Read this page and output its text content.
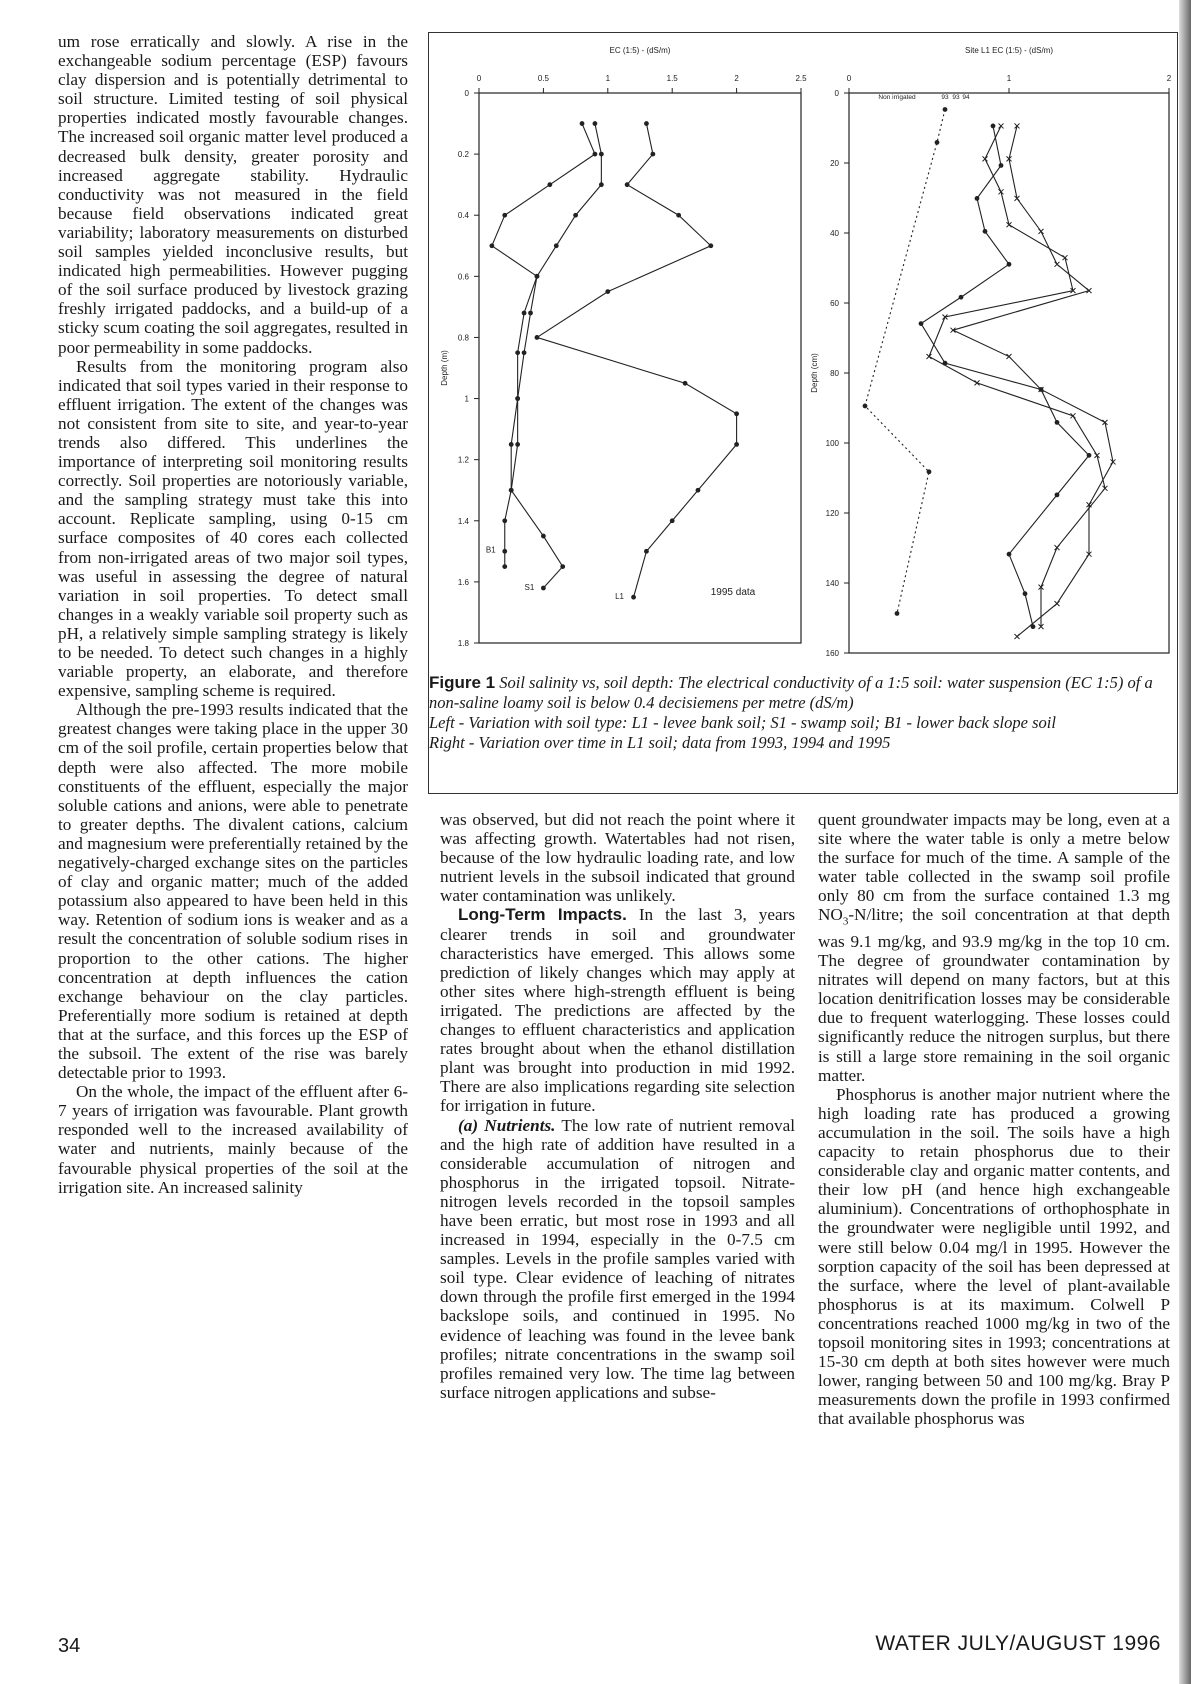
um rose erratically and slowly. A rise in the exchangeable sodium percentage (ESP) favours clay dispersion and is potentially detrimental to soil structure. Limited testing of soil physical properties indicated mostly favourable changes. The increased soil organic matter level produced a decreased bulk density, greater porosity and increased aggregate stability. Hydraulic conductivity was not measured in the field because field observations indicated great variability; laboratory measurements on disturbed soil samples yielded inconclusive results, but indicated high permeabilities. However pugging of the soil surface produced by livestock grazing freshly irrigated paddocks, and a build-up of a sticky scum coating the soil aggregates, resulted in poor permeability in some paddocks.

Results from the monitoring program also indicated that soil types varied in their response to effluent irrigation. The extent of the changes was not consistent from site to site, and year-to-year trends also differed. This underlines the importance of interpreting soil monitoring results correctly. Soil properties are notoriously variable, and the sampling strategy must take this into account. Replicate sampling, using 0-15 cm surface composites of 40 cores each collected from non-irrigated areas of two major soil types, was useful in assessing the degree of natural variation in soil properties. To detect small changes in a weakly variable soil property such as pH, a relatively simple sampling strategy is likely to be needed. To detect such changes in a highly variable property, an elaborate, and therefore expensive, sampling scheme is required.

Although the pre-1993 results indicated that the greatest changes were taking place in the upper 30 cm of the soil profile, certain properties below that depth were also affected. The more mobile constituents of the effluent, especially the major soluble cations and anions, were able to penetrate to greater depths. The divalent cations, calcium and magnesium were preferentially retained by the negatively-charged exchange sites on the particles of clay and organic matter; much of the added potassium also appeared to have been held in this way. Retention of sodium ions is weaker and as a result the concentration of soluble sodium rises in proportion to the other cations. The higher concentration at depth influences the cation exchange behaviour on the clay particles. Preferentially more sodium is retained at depth that at the surface, and this forces up the ESP of the subsoil. The extent of the rise was barely detectable prior to 1993.

On the whole, the impact of the effluent after 6-7 years of irrigation was favourable. Plant growth responded well to the increased availability of water and nutrients, mainly because of the favourable physical properties of the soil at the irrigation site. An increased salinity

EC (1:5) - (dS/m)
0	0.5	1	1.5	2	2.5
0
0.2
0.4
0.6
0.8
1
1.2
1.4
1.6
1.8
Depth (m)
L1
S1
B1
1995 data
Site L1 EC (1:5) - (dS/m)
0	1	2
0
20
40
60
80
100
120
140
160
Depth (cm)
Non irrigated	93 93 94
Figure 1 Soil salinity vs, soil depth: The electrical conductivity of a 1:5 soil: water suspension (EC 1:5) of a non-saline loamy soil is below 0.4 decisiemens per metre (dS/m)
Left - Variation with soil type: L1 - levee bank soil; S1 - swamp soil; B1 - lower back slope soil
Right - Variation over time in L1 soil; data from 1993, 1994 and 1995

was observed, but did not reach the point where it was affecting growth. Watertables had not risen, because of the low hydraulic loading rate, and low nutrient levels in the subsoil indicated that ground water contamination was unlikely.

Long-Term Impacts. In the last 3, years clearer trends in soil and groundwater characteristics have emerged. This allows some prediction of likely changes which may apply at other sites where high-strength effluent is being irrigated. The predictions are affected by the changes to effluent characteristics and application rates brought about when the ethanol distillation plant was brought into production in mid 1992. There are also implications regarding site selection for irrigation in future.

(a) Nutrients. The low rate of nutrient removal and the high rate of addition have resulted in a considerable accumulation of nitrogen and phosphorus in the irrigated topsoil. Nitrate-nitrogen levels recorded in the topsoil samples have been erratic, but most rose in 1993 and all increased in 1994, especially in the 0-7.5 cm samples. Levels in the profile samples varied with soil type. Clear evidence of leaching of nitrates down through the profile first emerged in the 1994 backslope soils, and continued in 1995. No evidence of leaching was found in the levee bank profiles; nitrate concentrations in the swamp soil profiles remained very low. The time lag between surface nitrogen applications and subse-

quent groundwater impacts may be long, even at a site where the water table is only a metre below the surface for much of the time. A sample of the water table collected in the swamp soil profile only 80 cm from the surface contained 1.3 mg $NO_3-N$/litre; the soil concentration at that depth was 9.1 mg/kg, and 93.9 mg/kg in the top 10 cm. The degree of groundwater contamination by nitrates will depend on many factors, but at this location denitrification losses may be considerable due to frequent waterlogging. These losses could significantly reduce the nitrogen surplus, but there is still a large store remaining in the soil organic matter.

Phosphorus is another major nutrient where the high loading rate has produced a growing accumulation in the soil. The soils have a high capacity to retain phosphorus due to their considerable clay and organic matter contents, and their low pH (and hence high exchangeable aluminium). Concentrations of orthophosphate in the groundwater were negligible until 1992, and were still below 0.04 mg/l in 1995. However the sorption capacity of the soil has been depressed at the surface, where the level of plant-available phosphorus is at its maximum. Colwell P concentrations reached 1000 mg/kg in two of the topsoil monitoring sites in 1993; concentrations at 15-30 cm depth at both sites however were much lower, ranging between 50 and 100 mg/kg. Bray P measurements down the profile in 1993 confirmed that available phosphorus was

34	WATER JULY/AUGUST 1996
